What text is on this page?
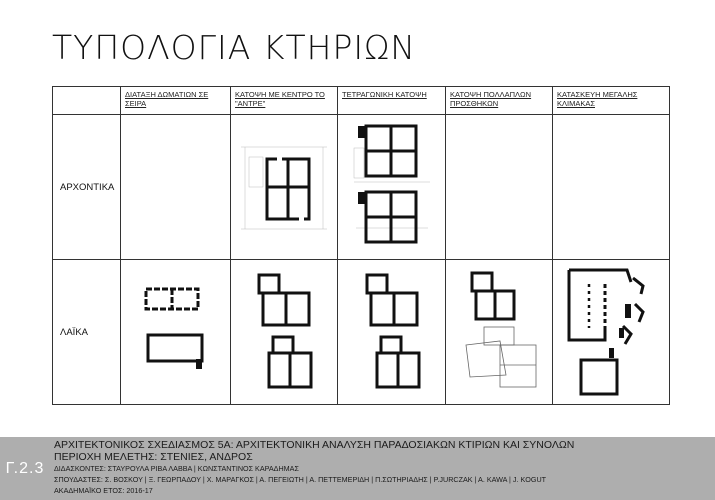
ΤΥΠΟΛΟΓΙΑ ΚΤΗΡΙΩΝ
	ΔΙΑΤΑΞΗ ΔΩΜΑΤΙΩΝ ΣΕ ΣΕΙΡΑ	ΚΑΤΟΨΗ ΜΕ ΚΕΝΤΡΟ ΤΟ "ΑΝΤΡΕ"	ΤΕΤΡΑΓΩΝΙΚΗ ΚΑΤΟΨΗ	ΚΑΤΟΨΗ ΠΟΛΛΑΠΛΩΝ ΠΡΟΣΘΗΚΩΝ	ΚΑΤΑΣΚΕΥΗ ΜΕΓΑΛΗΣ ΚΛΙΜΑΚΑΣ
ΑΡΧΟΝΤΙΚΑ		

ΛΑΪΚΑ	

Γ.2.3
ΑΡΧΙΤΕΚΤΟΝΙΚΟΣ ΣΧΕΔΙΑΣΜΟΣ 5Α: ΑΡΧΙΤΕΚΤΟΝΙΚΗ ΑΝΑΛΥΣΗ ΠΑΡΑΔΟΣΙΑΚΩΝ ΚΤΙΡΙΩΝ ΚΑΙ ΣΥΝΟΛΩΝ
ΠΕΡΙΟΧΗ ΜΕΛΕΤΗΣ: ΣΤΕΝΙΕΣ, ΑΝΔΡΟΣ
ΔΙΔΑΣΚΟΝΤΕΣ: ΣΤΑΥΡΟΥΛΑ ΡΙΒΑ ΛΑΒΒΑ | ΚΩΝΣΤΑΝΤΙΝΟΣ ΚΑΡΑΔΗΜΑΣ
ΣΠΟΥΔΑΣΤΕΣ: Σ. ΒΟΣΚΟΥ | Ξ. ΓΕΩΡΠΑΔΟΥ | Χ. ΜΑΡΑΓΚΟΣ | Α. ΠΕΓΕΙΩΤΗ | Α. ΠΕΤΤΕΜΕΡΙΔΗ | Π.ΣΩΤΗΡΙΑΔΗΣ | P.JURCZAK | A. KAWA | J. KOGUT
ΑΚΑΔΗΜΑΪΚΟ ΕΤΟΣ: 2016-17
